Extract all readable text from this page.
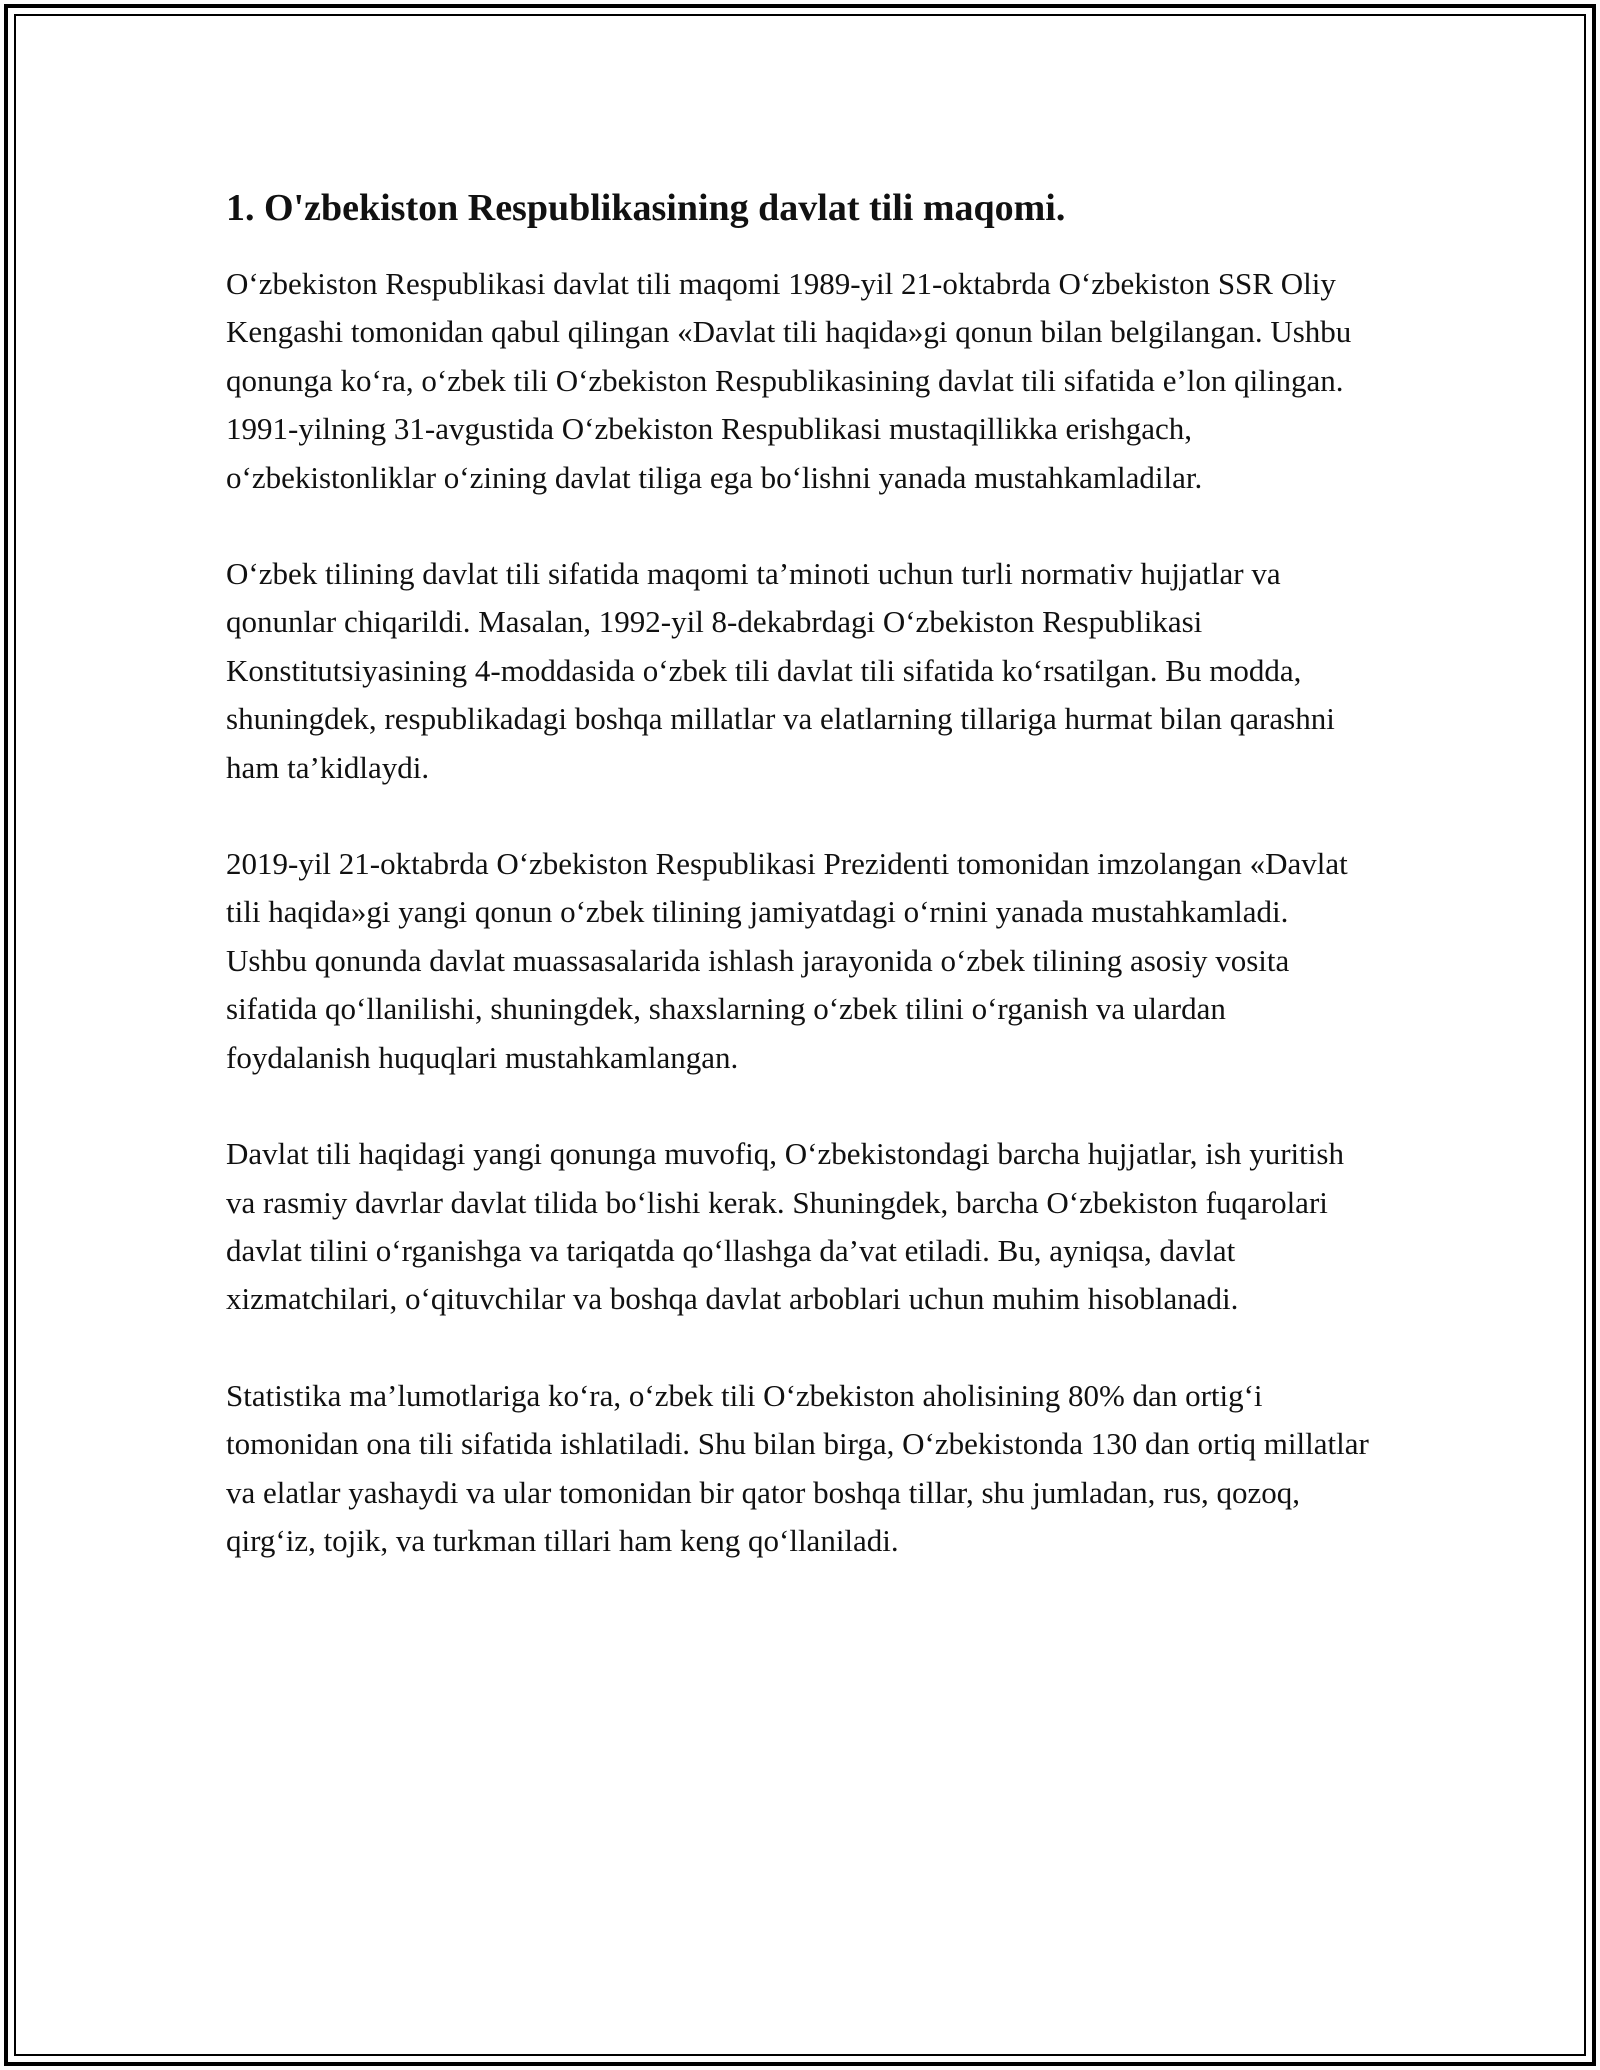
1. O'zbekiston Respublikasining davlat tili maqomi.

O‘zbekiston Respublikasi davlat tili maqomi 1989-yil 21-oktabrda O‘zbekiston SSR Oliy Kengashi tomonidan qabul qilingan «Davlat tili haqida»gi qonun bilan belgilangan. Ushbu qonunga ko‘ra, o‘zbek tili O‘zbekiston Respublikasining davlat tili sifatida e’lon qilingan. 1991-yilning 31-avgustida O‘zbekiston Respublikasi mustaqillikka erishgach, o‘zbekistonliklar o‘zining davlat tiliga ega bo‘lishni yanada mustahkamladilar.

O‘zbek tilining davlat tili sifatida maqomi ta’minoti uchun turli normativ hujjatlar va qonunlar chiqarildi. Masalan, 1992-yil 8-dekabrdagi O‘zbekiston Respublikasi Konstitutsiyasining 4-moddasida o‘zbek tili davlat tili sifatida ko‘rsatilgan. Bu modda, shuningdek, respublikadagi boshqa millatlar va elatlarning tillariga hurmat bilan qarashni ham ta’kidlaydi.

2019-yil 21-oktabrda O‘zbekiston Respublikasi Prezidenti tomonidan imzolangan «Davlat tili haqida»gi yangi qonun o‘zbek tilining jamiyatdagi o‘rnini yanada mustahkamladi. Ushbu qonunda davlat muassasalarida ishlash jarayonida o‘zbek tilining asosiy vosita sifatida qo‘llanilishi, shuningdek, shaxslarning o‘zbek tilini o‘rganish va ulardan foydalanish huquqlari mustahkamlangan.

Davlat tili haqidagi yangi qonunga muvofiq, O‘zbekistondagi barcha hujjatlar, ish yuritish va rasmiy davrlar davlat tilida bo‘lishi kerak. Shuningdek, barcha O‘zbekiston fuqarolari davlat tilini o‘rganishga va tariqatda qo‘llashga da’vat etiladi. Bu, ayniqsa, davlat xizmatchilari, o‘qituvchilar va boshqa davlat arboblari uchun muhim hisoblanadi.

Statistika ma’lumotlariga ko‘ra, o‘zbek tili O‘zbekiston aholisining 80% dan ortig‘i tomonidan ona tili sifatida ishlatiladi. Shu bilan birga, O‘zbekistonda 130 dan ortiq millatlar va elatlar yashaydi va ular tomonidan bir qator boshqa tillar, shu jumladan, rus, qozoq, qirg‘iz, tojik, va turkman tillari ham keng qo‘llaniladi.
